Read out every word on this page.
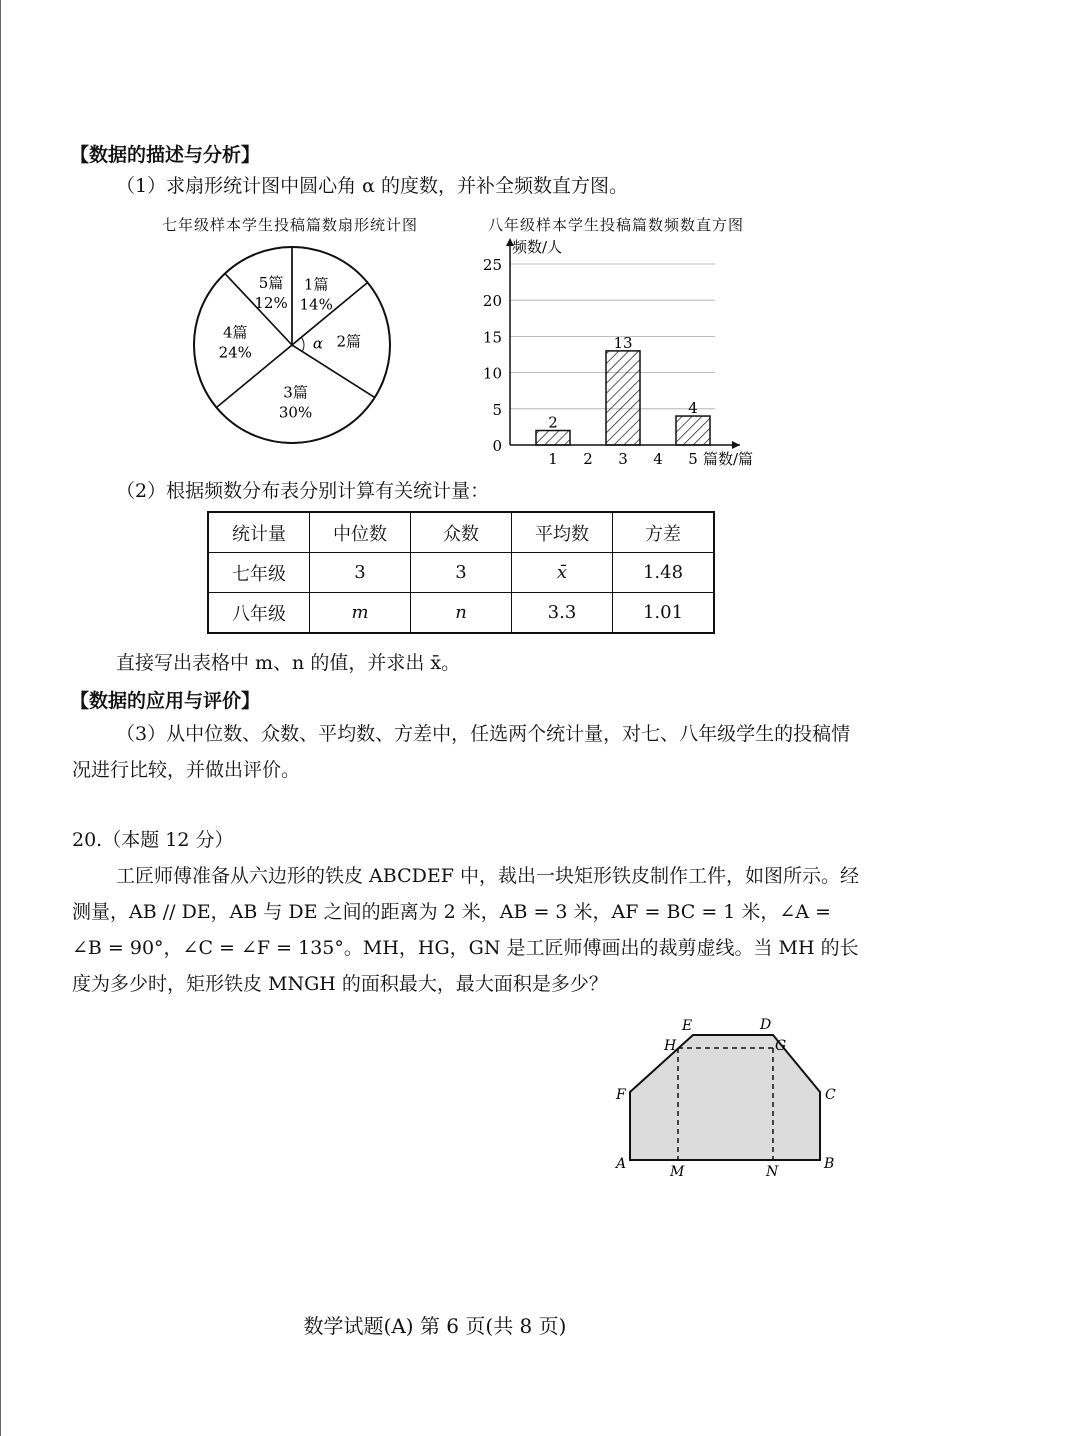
【数据的描述与分析】
（1）求扇形统计图中圆心角 α 的度数，并补全频数直方图。
七年级样本学生投稿篇数扇形统计图
1篇
14%
2篇
α
3篇
30%
4篇
24%
5篇
12%
八年级样本学生投稿篇数频数直方图
0
5
10
15
20
25
频数/人
篇数/篇
1
2
2 3
13
4 5
4
（2）根据频数分布表分别计算有关统计量：
统计量	中位数	众数	平均数	方差
七年级	3	3	x̄	1.48
八年级	m	n	3.3	1.01
直接写出表格中 m、n 的值，并求出 x̄。
【数据的应用与评价】
（3）从中位数、众数、平均数、方差中，任选两个统计量，对七、八年级学生的投稿情况进行比较，并做出评价。
20.（本题 12 分）
工匠师傅准备从六边形的铁皮 ABCDEF 中，裁出一块矩形铁皮制作工件，如图所示。经测量，AB // DE，AB 与 DE 之间的距离为 2 米，AB = 3 米，AF = BC = 1 米，∠A = ∠B = 90°，∠C = ∠F = 135°。MH，HG，GN 是工匠师傅画出的裁剪虚线。当 MH 的长度为多少时，矩形铁皮 MNGH 的面积最大，最大面积是多少？
A	B
C
D
E
F
G
H
M	N
数学试题(A) 第 6 页(共 8 页)
